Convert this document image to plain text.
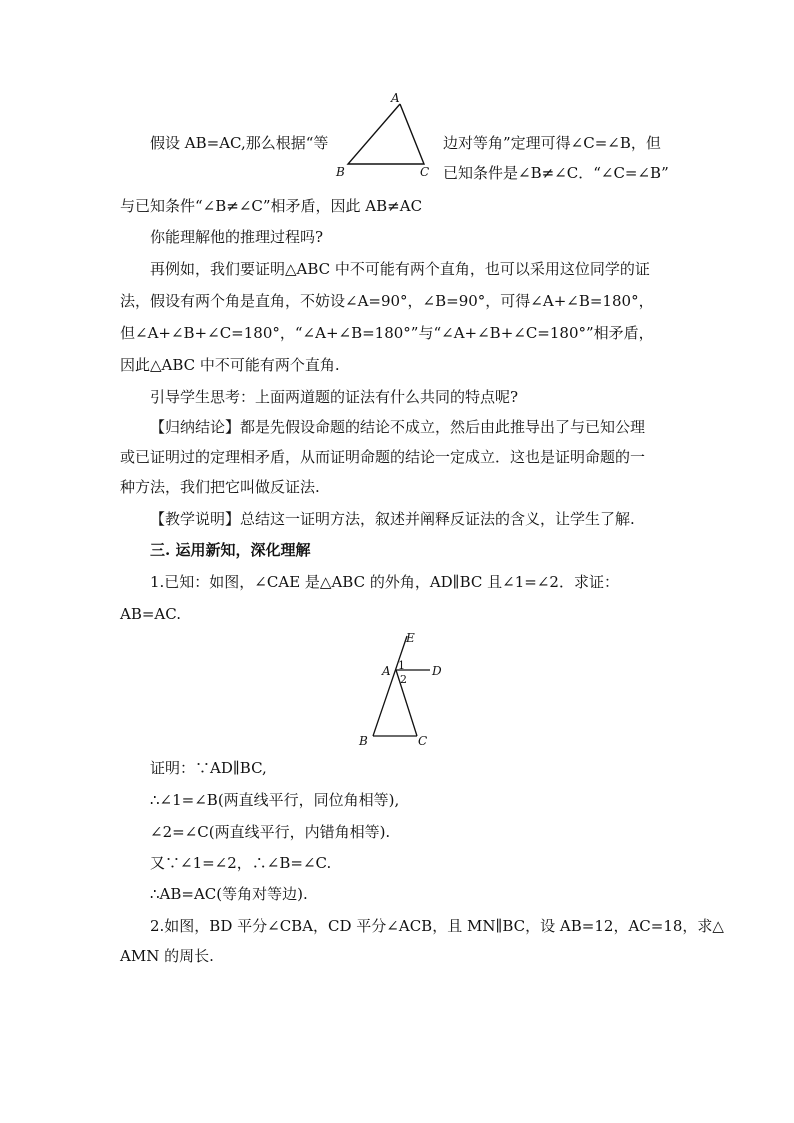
A
B	C
假设 AB=AC,那么根据“等	边对等角”定理可得∠C=∠B，但
已知条件是∠B≠∠C．“∠C=∠B”
与已知条件“∠B≠∠C”相矛盾，因此 AB≠AC
你能理解他的推理过程吗?
再例如，我们要证明△ABC 中不可能有两个直角，也可以采用这位同学的证
法，假设有两个角是直角，不妨设∠A=90°，∠B=90°，可得∠A+∠B=180°，
但∠A+∠B+∠C=180°，“∠A+∠B=180°”与“∠A+∠B+∠C=180°”相矛盾，
因此△ABC 中不可能有两个直角.
引导学生思考：上面两道题的证法有什么共同的特点呢?
【归纳结论】都是先假设命题的结论不成立，然后由此推导出了与已知公理
或已证明过的定理相矛盾，从而证明命题的结论一定成立．这也是证明命题的一
种方法，我们把它叫做反证法.
【教学说明】总结这一证明方法，叙述并阐释反证法的含义，让学生了解.
三. 运用新知，深化理解
1.已知：如图，∠CAE 是△ABC 的外角，AD∥BC 且∠1=∠2．求证：
AB=AC.
E
A 1
2
D
B	C
证明：∵AD∥BC,
∴∠1=∠B(两直线平行，同位角相等),
∠2=∠C(两直线平行，内错角相等).
又∵∠1=∠2，∴∠B=∠C.
∴AB=AC(等角对等边).
2.如图，BD 平分∠CBA，CD 平分∠ACB，且 MN∥BC，设 AB=12，AC=18，求△
AMN 的周长.
